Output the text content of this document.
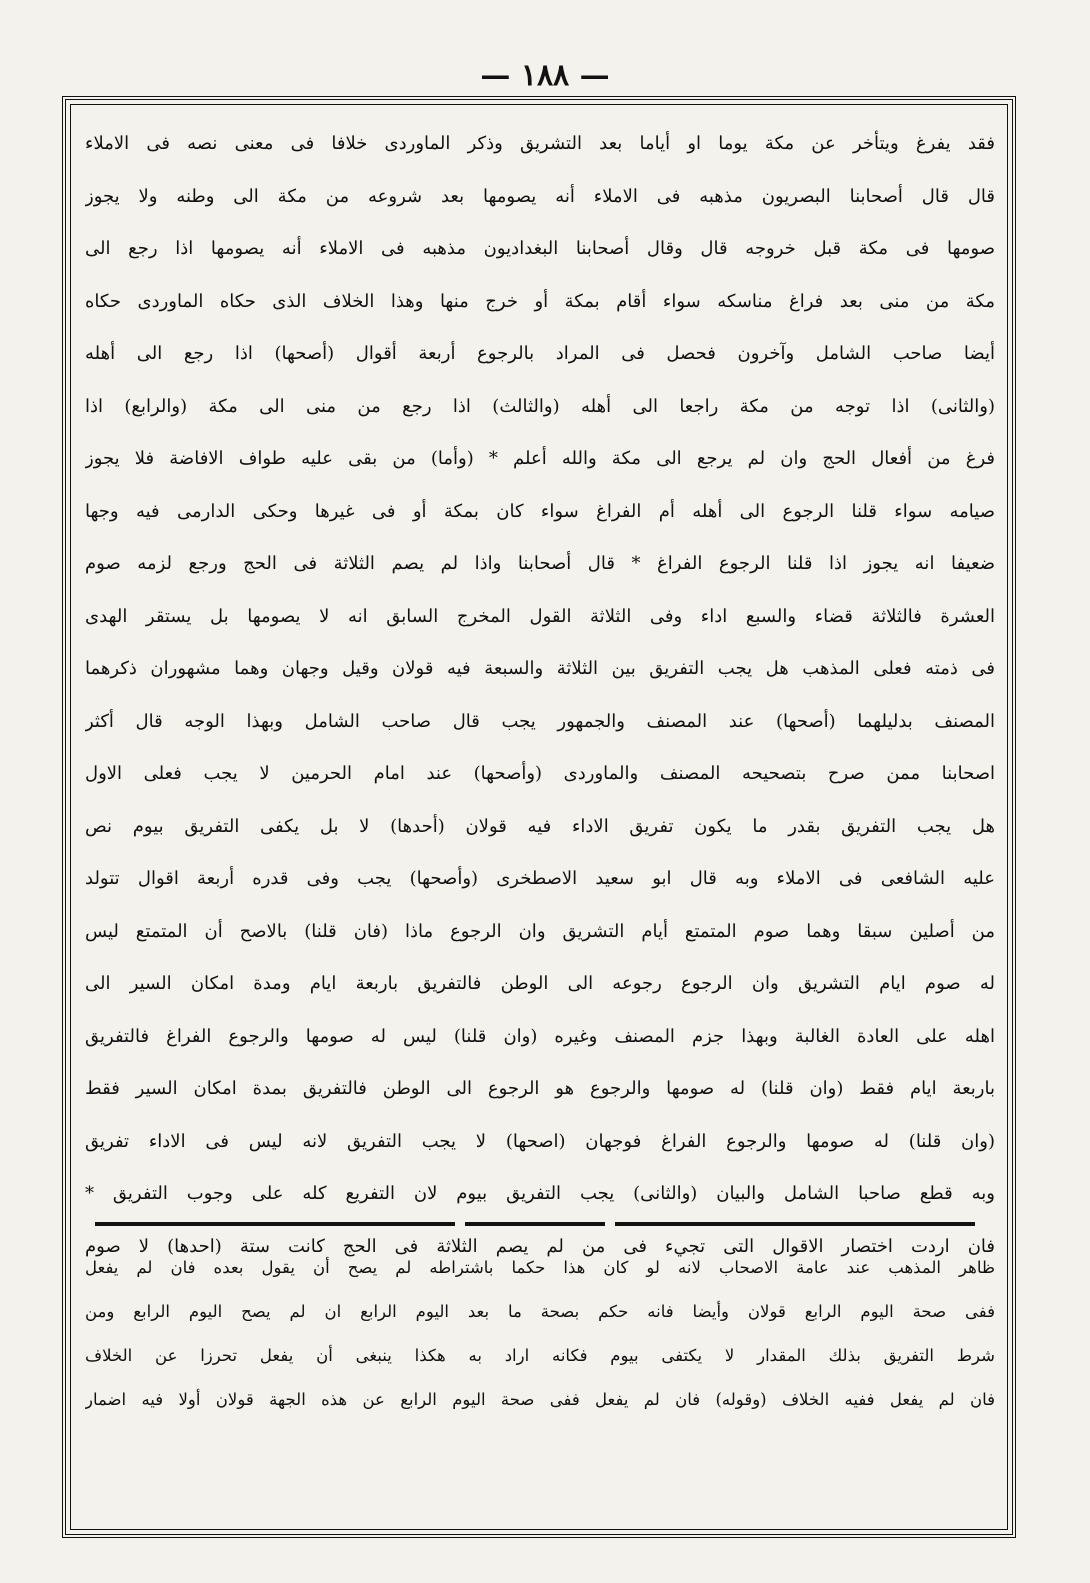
— ١٨٨ —
فقد يفرغ ويتأخر عن مكة يوما او أياما بعد التشريق وذكر الماوردى خلافا فى معنى نصه فى الاملاء
قال قال أصحابنا البصريون مذهبه فى الاملاء أنه يصومها بعد شروعه من مكة الى وطنه ولا يجوز
صومها فى مكة قبل خروجه قال وقال أصحابنا البغداديون مذهبه فى الاملاء أنه يصومها اذا رجع الى
مكة من منى بعد فراغ مناسكه سواء أقام بمكة أو خرج منها وهذا الخلاف الذى حكاه الماوردى حكاه
أيضا صاحب الشامل وآخرون فحصل فى المراد بالرجوع أربعة أقوال (أصحها) اذا رجع الى أهله
(والثانى) اذا توجه من مكة راجعا الى أهله (والثالث) اذا رجع من منى الى مكة (والرابع) اذا
فرغ من أفعال الحج وان لم يرجع الى مكة والله أعلم * (وأما) من بقى عليه طواف الافاضة فلا يجوز
صيامه سواء قلنا الرجوع الى أهله أم الفراغ سواء كان بمكة أو فى غيرها وحكى الدارمى فيه وجها
ضعيفا انه يجوز اذا قلنا الرجوع الفراغ * قال أصحابنا واذا لم يصم الثلاثة فى الحج ورجع لزمه صوم
العشرة فالثلاثة قضاء والسبع اداء وفى الثلاثة القول المخرج السابق انه لا يصومها بل يستقر الهدى
فى ذمته فعلى المذهب هل يجب التفريق بين الثلاثة والسبعة فيه قولان وقيل وجهان وهما مشهوران ذكرهما
المصنف بدليلهما (أصحها) عند المصنف والجمهور يجب قال صاحب الشامل وبهذا الوجه قال أكثر
اصحابنا ممن صرح بتصحيحه المصنف والماوردى (وأصحها) عند امام الحرمين لا يجب فعلى الاول
هل يجب التفريق بقدر ما يكون تفريق الاداء فيه قولان (أحدها) لا بل يكفى التفريق بيوم نص
عليه الشافعى فى الاملاء وبه قال ابو سعيد الاصطخرى (وأصحها) يجب وفى قدره أربعة اقوال تتولد
من أصلين سبقا وهما صوم المتمتع أيام التشريق وان الرجوع ماذا (فان قلنا) بالاصح أن المتمتع ليس
له صوم ايام التشريق وان الرجوع رجوعه الى الوطن فالتفريق باربعة ايام ومدة امكان السير الى
اهله على العادة الغالبة وبهذا جزم المصنف وغيره (وان قلنا) ليس له صومها والرجوع الفراغ فالتفريق
باربعة ايام فقط (وان قلنا) له صومها والرجوع هو الرجوع الى الوطن فالتفريق بمدة امكان السير فقط
(وان قلنا) له صومها والرجوع الفراغ فوجهان (اصحها) لا يجب التفريق لانه ليس فى الاداء تفريق
وبه قطع صاحبا الشامل والبيان (والثانى) يجب التفريق بيوم لان التفريع كله على وجوب التفريق *
فان اردت اختصار الاقوال التى تجيء فى من لم يصم الثلاثة فى الحج كانت ستة (احدها) لا صوم
ظاهر المذهب عند عامة الاصحاب لانه لو كان هذا حكما باشتراطه لم يصح أن يقول بعده فان لم يفعل
ففى صحة اليوم الرابع قولان وأيضا فانه حكم بصحة ما بعد اليوم الرابع ان لم يصح اليوم الرابع ومن
شرط التفريق بذلك المقدار لا يكتفى بيوم فكانه اراد به هكذا ينبغى أن يفعل تحرزا عن الخلاف
فان لم يفعل ففيه الخلاف (وقوله) فان لم يفعل ففى صحة اليوم الرابع عن هذه الجهة قولان أولا فيه اضمار
